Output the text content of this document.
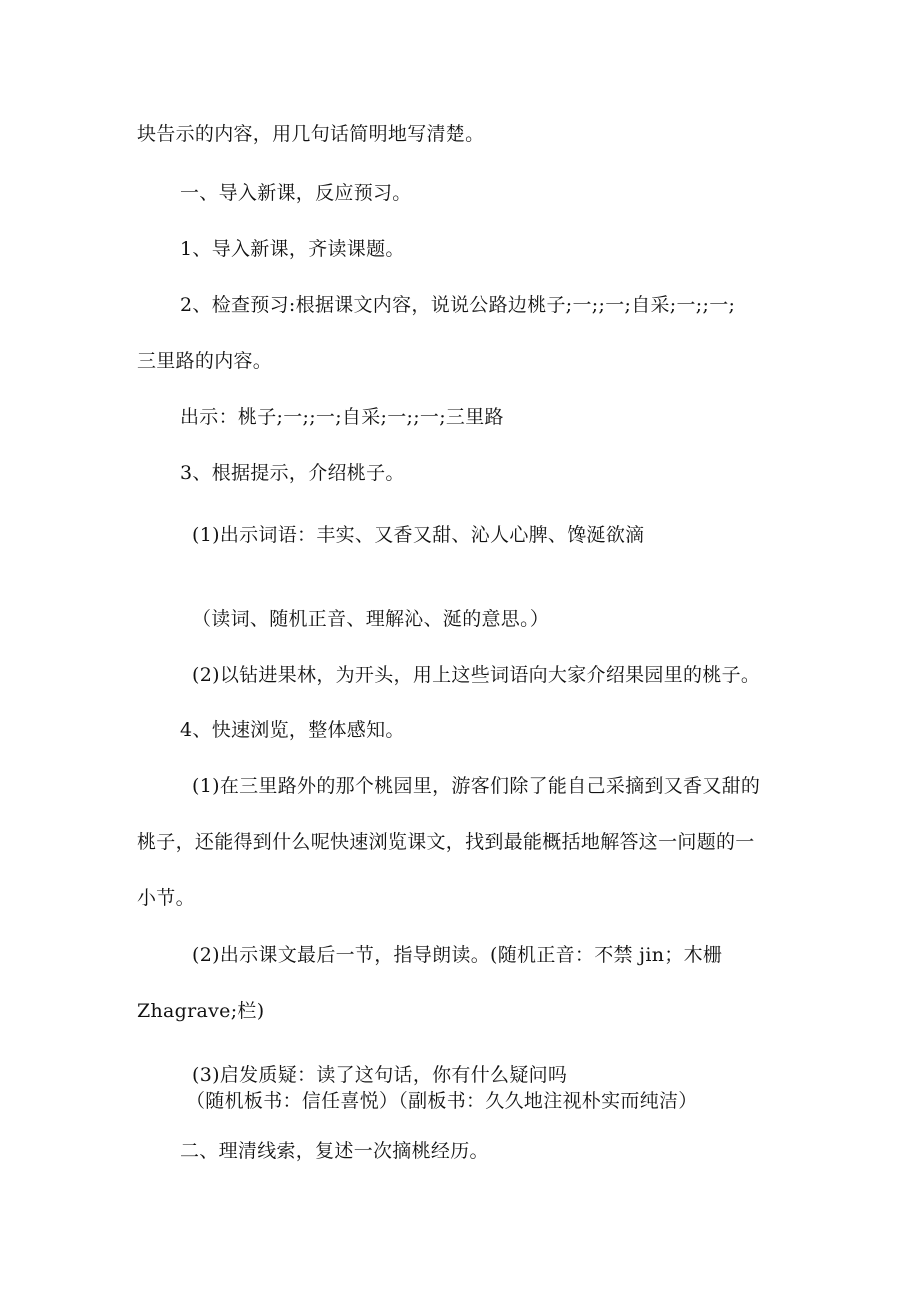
块告示的内容，用几句话简明地写清楚。
一、导入新课，反应预习。
1、导入新课，齐读课题。
2、检查预习:根据课文内容，说说公路边桃子;一;;一;自采;一;;一;
三里路的内容。
出示：桃子;一;;一;自采;一;;一;三里路
3、根据提示，介绍桃子。
(1)出示词语：丰实、又香又甜、沁人心脾、馋涎欲滴
（读词、随机正音、理解沁、涎的意思。）
(2)以钻进果林，为开头，用上这些词语向大家介绍果园里的桃子。
4、快速浏览，整体感知。
(1)在三里路外的那个桃园里，游客们除了能自己采摘到又香又甜的
桃子，还能得到什么呢快速浏览课文，找到最能概括地解答这一问题的一
小节。
(2)出示课文最后一节，指导朗读。(随机正音：不禁 jin；木栅
Zhagrave;栏)
(3)启发质疑：读了这句话，你有什么疑问吗
（随机板书：信任喜悦）（副板书：久久地注视朴实而纯洁）
二、理清线索，复述一次摘桃经历。
